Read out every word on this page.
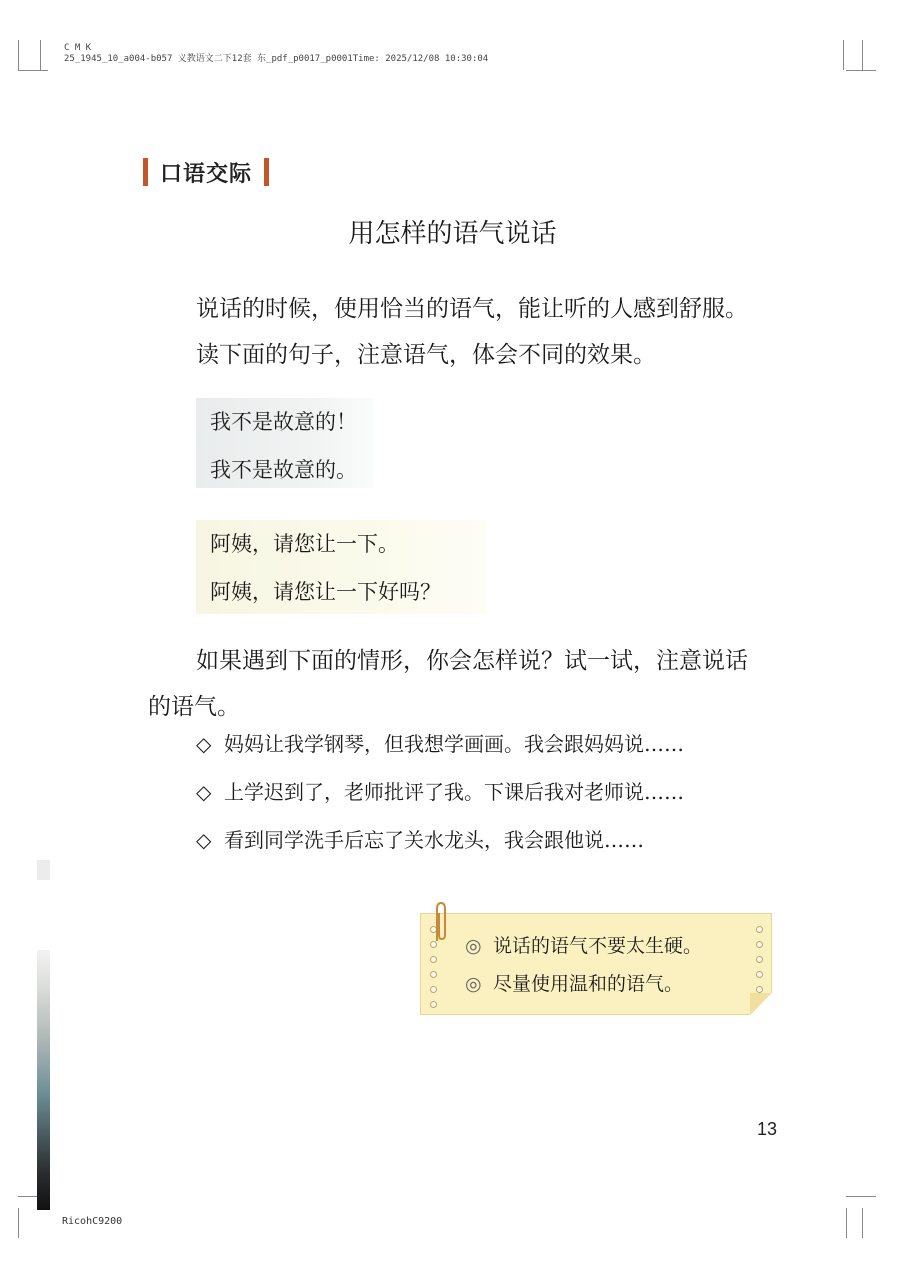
C M K
25_1945_10_a004-b057 义教语文二下12套 东_pdf_p0017_p0001Time: 2025/12/08 10:30:04
口语交际
用怎样的语气说话
说话的时候，使用恰当的语气，能让听的人感到舒服。
读下面的句子，注意语气，体会不同的效果。
我不是故意的！
我不是故意的。
阿姨，请您让一下。
阿姨，请您让一下好吗？
如果遇到下面的情形，你会怎样说？试一试，注意说话
的语气。
◇ 妈妈让我学钢琴，但我想学画画。我会跟妈妈说……
◇ 上学迟到了，老师批评了我。下课后我对老师说……
◇ 看到同学洗手后忘了关水龙头，我会跟他说……
◎ 说话的语气不要太生硬。
◎ 尽量使用温和的语气。
13
RicohC9200
